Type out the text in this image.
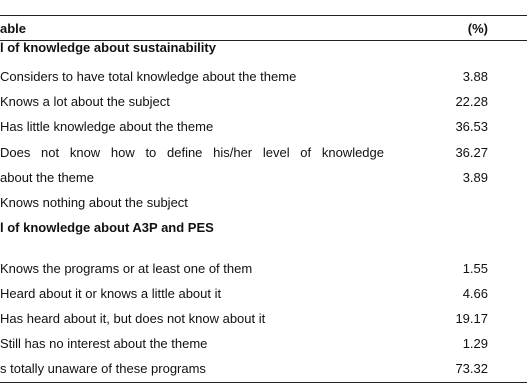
able	(%)
l of knowledge about sustainability
Considers to have total knowledge about the theme	3.88
Knows a lot about the subject	22.28
Has little knowledge about the theme	36.53
Does not know how to define his/her level of knowledge	36.27
about the theme	3.89
Knows nothing about the subject
l of knowledge about A3P and PES
Knows the programs or at least one of them	1.55
Heard about it or knows a little about it	4.66
Has heard about it, but does not know about it	19.17
Still has no interest about the theme	1.29
s totally unaware of these programs	73.32
